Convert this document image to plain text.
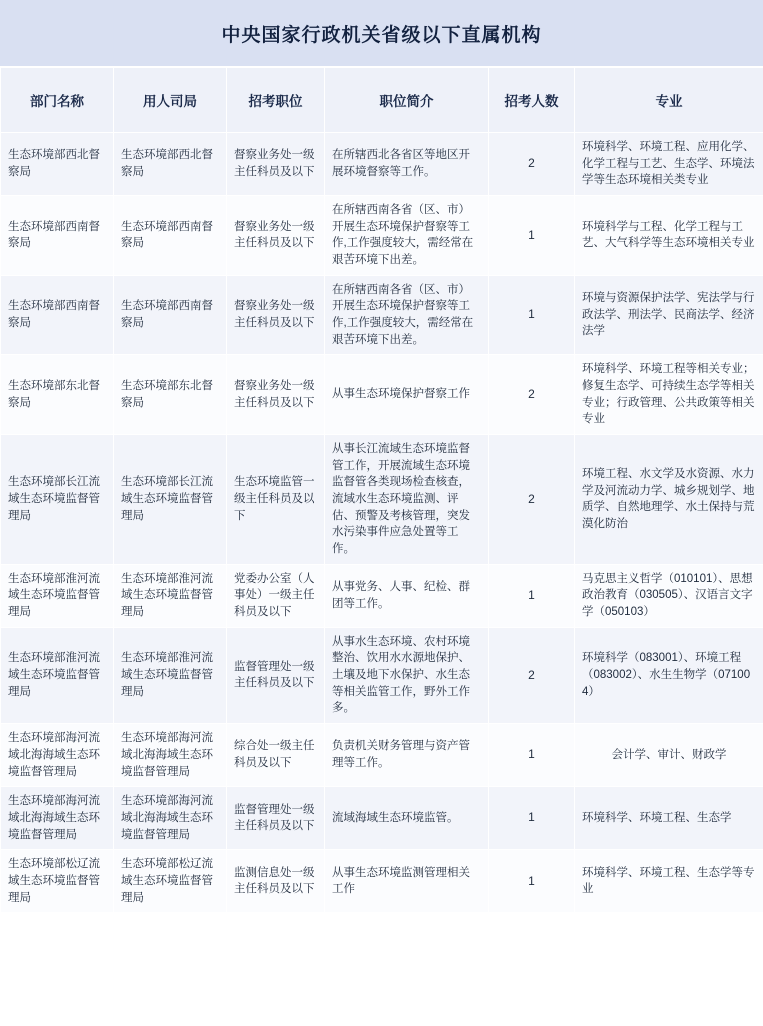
中央国家行政机关省级以下直属机构
部门名称	用人司局	招考职位	职位简介	招考人数	专业
生态环境部西北督察局	生态环境部西北督察局	督察业务处一级主任科员及以下	在所辖西北各省区等地区开展环境督察等工作。	2	环境科学、环境工程、应用化学、化学工程与工艺、生态学、环境法学等生态环境相关类专业
生态环境部西南督察局	生态环境部西南督察局	督察业务处一级主任科员及以下	在所辖西南各省（区、市）开展生态环境保护督察等工作,工作强度较大，需经常在艰苦环境下出差。	1	环境科学与工程、化学工程与工艺、大气科学等生态环境相关专业
生态环境部西南督察局	生态环境部西南督察局	督察业务处一级主任科员及以下	在所辖西南各省（区、市）开展生态环境保护督察等工作,工作强度较大，需经常在艰苦环境下出差。	1	环境与资源保护法学、宪法学与行政法学、刑法学、民商法学、经济法学
生态环境部东北督察局	生态环境部东北督察局	督察业务处一级主任科员及以下	从事生态环境保护督察工作	2	环境科学、环境工程等相关专业；修复生态学、可持续生态学等相关专业；行政管理、公共政策等相关专业
生态环境部长江流域生态环境监督管理局	生态环境部长江流域生态环境监督管理局	生态环境监管一级主任科员及以下	从事长江流域生态环境监督管工作，开展流域生态环境监督管各类现场检查核查，流域水生态环境监测、评估、预警及考核管理，突发水污染事件应急处置等工作。	2	环境工程、水文学及水资源、水力学及河流动力学、城乡规划学、地质学、自然地理学、水土保持与荒漠化防治
生态环境部淮河流域生态环境监督管理局	生态环境部淮河流域生态环境监督管理局	党委办公室（人事处）一级主任科员及以下	从事党务、人事、纪检、群团等工作。	1	马克思主义哲学（010101）、思想政治教育（030505）、汉语言文字学（050103）
生态环境部淮河流域生态环境监督管理局	生态环境部淮河流域生态环境监督管理局	监督管理处一级主任科员及以下	从事水生态环境、农村环境整治、饮用水水源地保护、土壤及地下水保护、水生态等相关监管工作，野外工作多。	2	环境科学（083001）、环境工程（083002）、水生生物学（071004）
生态环境部海河流域北海海域生态环境监督管理局	生态环境部海河流域北海海域生态环境监督管理局	综合处一级主任科员及以下	负责机关财务管理与资产管理等工作。	1	会计学、审计、财政学
生态环境部海河流域北海海域生态环境监督管理局	生态环境部海河流域北海海域生态环境监督管理局	监督管理处一级主任科员及以下	流域海域生态环境监管。	1	环境科学、环境工程、生态学
生态环境部松辽流域生态环境监督管理局	生态环境部松辽流域生态环境监督管理局	监测信息处一级主任科员及以下	从事生态环境监测管理相关工作	1	环境科学、环境工程、生态学等专业
